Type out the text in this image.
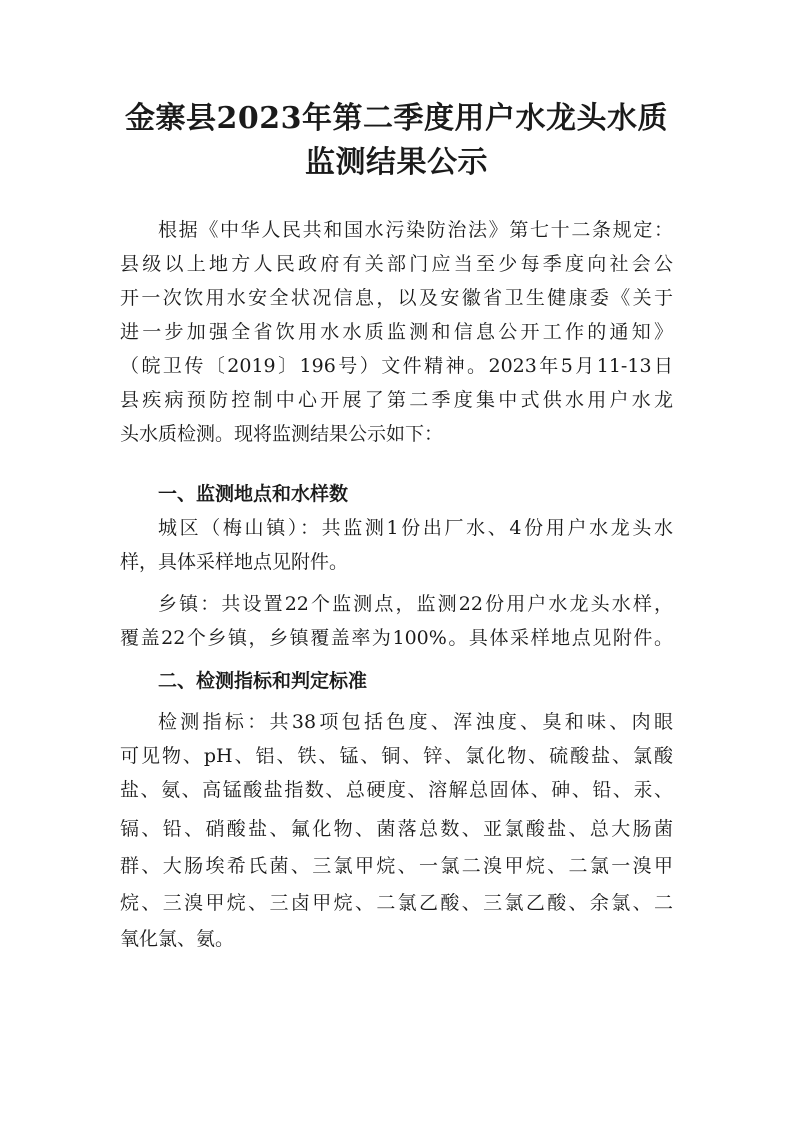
金寨县2023年第二季度用户水龙头水质
监测结果公示
根据《中华人民共和国水污染防治法》第七十二条规定：
县级以上地方人民政府有关部门应当至少每季度向社会公
开一次饮用水安全状况信息，以及安徽省卫生健康委《关于
进一步加强全省饮用水水质监测和信息公开工作的通知》
（皖卫传〔2019〕196号）文件精神。2023年5月11-13日
县疾病预防控制中心开展了第二季度集中式供水用户水龙
头水质检测。现将监测结果公示如下：
一、监测地点和水样数
城区（梅山镇）：共监测1份出厂水、4份用户水龙头水
样，具体采样地点见附件。
乡镇：共设置22个监测点，监测22份用户水龙头水样，
覆盖22个乡镇，乡镇覆盖率为100%。具体采样地点见附件。
二、检测指标和判定标准
检测指标：共38项包括色度、浑浊度、臭和味、肉眼
可见物、pH、铝、铁、锰、铜、锌、氯化物、硫酸盐、氯酸
盐、氨、高锰酸盐指数、总硬度、溶解总固体、砷、铅、汞、
镉、铅、硝酸盐、氟化物、菌落总数、亚氯酸盐、总大肠菌
群、大肠埃希氏菌、三氯甲烷、一氯二溴甲烷、二氯一溴甲
烷、三溴甲烷、三卤甲烷、二氯乙酸、三氯乙酸、余氯、二
氧化氯、氨。
